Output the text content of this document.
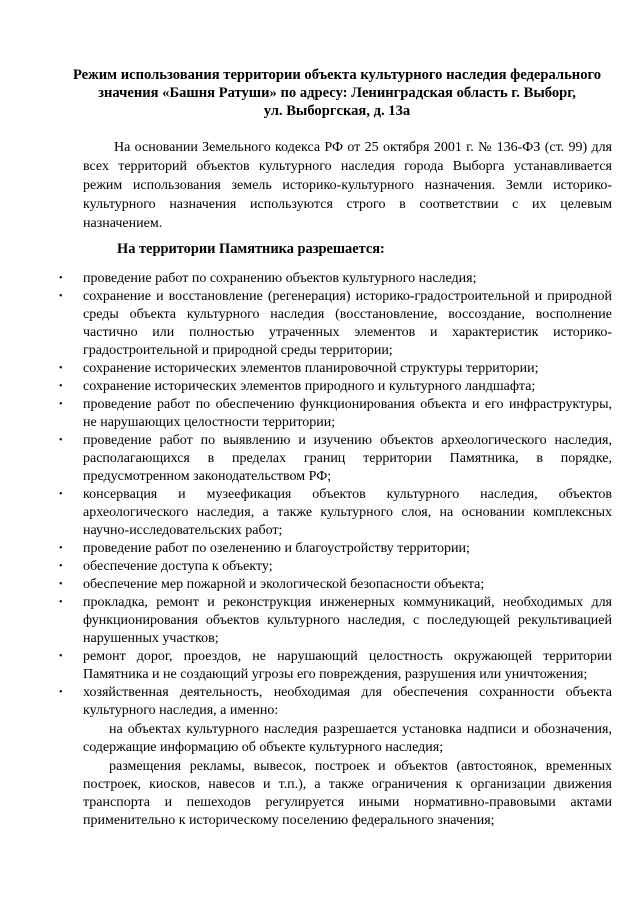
Режим использования территории объекта культурного наследия федерального
значения «Башня Ратуши» по адресу: Ленинградская область г. Выборг,
ул. Выборгская, д. 13а

На основании Земельного кодекса РФ от 25 октября 2001 г. № 136-ФЗ (ст. 99) для всех территорий объектов культурного наследия города Выборга устанавливается режим использования земель историко-культурного назначения. Земли историко-культурного назначения используются строго в соответствии с их целевым назначением.

На территории Памятника разрешается:
• проведение работ по сохранению объектов культурного наследия;
• сохранение и восстановление (регенерация) историко-градостроительной и природной среды объекта культурного наследия (восстановление, воссоздание, восполнение частично или полностью утраченных элементов и характеристик историко-градостроительной и природной среды территории;
• сохранение исторических элементов планировочной структуры территории;
• сохранение исторических элементов природного и культурного ландшафта;
• проведение работ по обеспечению функционирования объекта и его инфраструктуры, не нарушающих целостности территории;
• проведение работ по выявлению и изучению объектов археологического наследия, располагающихся в пределах границ территории Памятника, в порядке, предусмотренном законодательством РФ;
• консервация и музеефикация объектов культурного наследия, объектов археологического наследия, а также культурного слоя, на основании комплексных научно-исследовательских работ;
• проведение работ по озеленению и благоустройству территории;
• обеспечение доступа к объекту;
• обеспечение мер пожарной и экологической безопасности объекта;
• прокладка, ремонт и реконструкция инженерных коммуникаций, необходимых для функционирования объектов культурного наследия, с последующей рекультивацией нарушенных участков;
• ремонт дорог, проездов, не нарушающий целостность окружающей территории Памятника и не создающий угрозы его повреждения, разрушения или уничтожения;
• хозяйственная деятельность, необходимая для обеспечения сохранности объекта культурного наследия, а именно:
на объектах культурного наследия разрешается установка надписи и обозначения, содержащие информацию об объекте культурного наследия;
размещения рекламы, вывесок, построек и объектов (автостоянок, временных построек, киосков, навесов и т.п.), а также ограничения к организации движения транспорта и пешеходов регулируется иными нормативно-правовыми актами применительно к историческому поселению федерального значения;
